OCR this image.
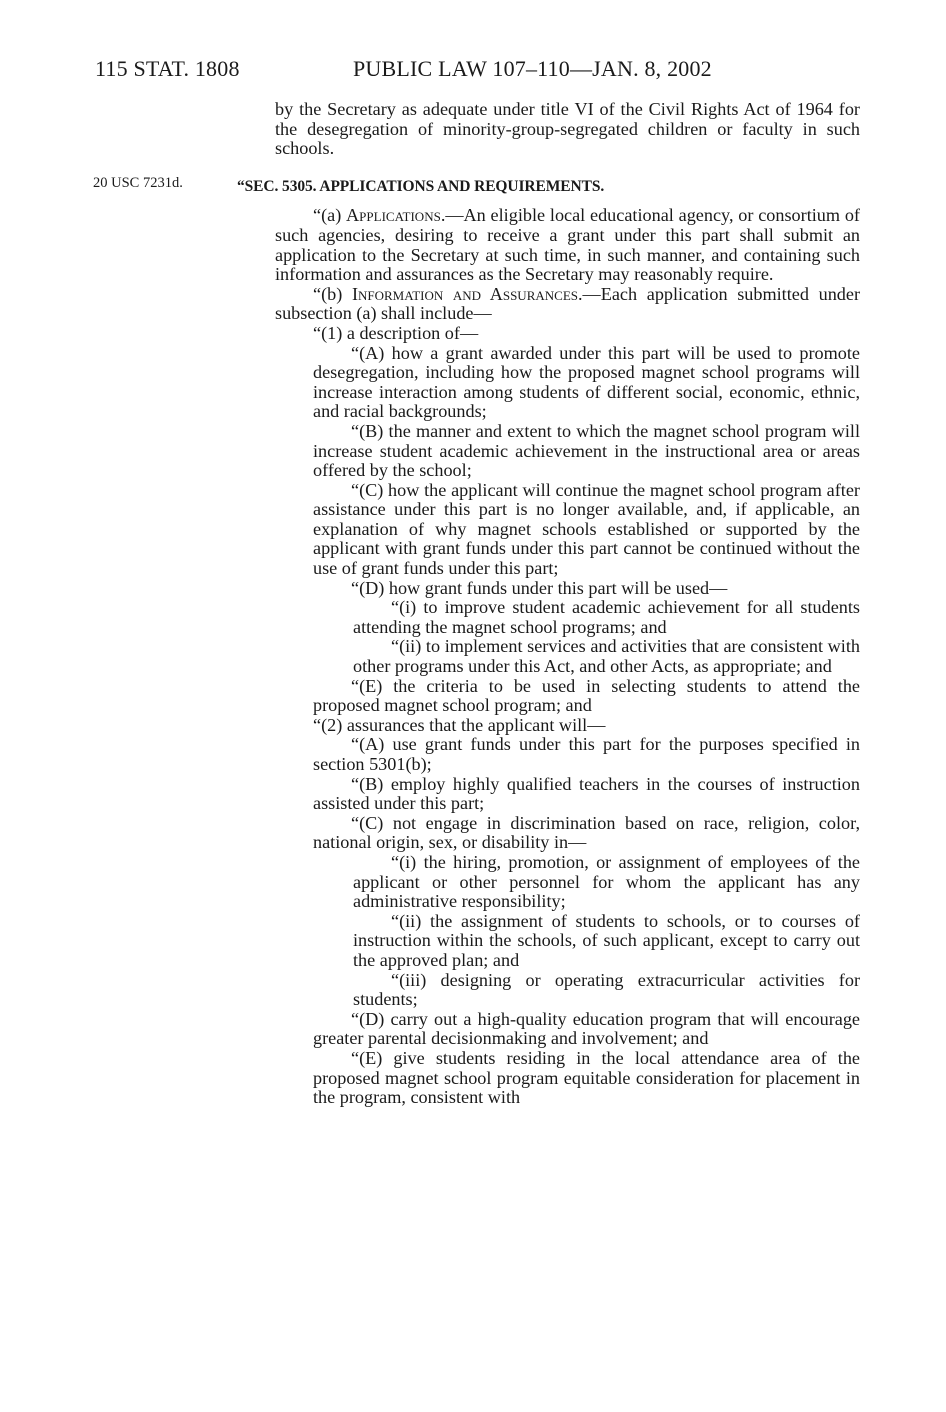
115 STAT. 1808	PUBLIC LAW 107–110—JAN. 8, 2002
20 USC 7231d.

by the Secretary as adequate under title VI of the Civil Rights Act of 1964 for the desegregation of minority-group-segregated children or faculty in such schools.

“SEC. 5305. APPLICATIONS AND REQUIREMENTS.

“(a) Applications.—An eligible local educational agency, or consortium of such agencies, desiring to receive a grant under this part shall submit an application to the Secretary at such time, in such manner, and containing such information and assurances as the Secretary may reasonably require.

“(b) Information and Assurances.—Each application submitted under subsection (a) shall include—

“(1) a description of—

“(A) how a grant awarded under this part will be used to promote desegregation, including how the proposed magnet school programs will increase interaction among students of different social, economic, ethnic, and racial backgrounds;

“(B) the manner and extent to which the magnet school program will increase student academic achievement in the instructional area or areas offered by the school;

“(C) how the applicant will continue the magnet school program after assistance under this part is no longer available, and, if applicable, an explanation of why magnet schools established or supported by the applicant with grant funds under this part cannot be continued without the use of grant funds under this part;

“(D) how grant funds under this part will be used—

“(i) to improve student academic achievement for all students attending the magnet school programs; and

“(ii) to implement services and activities that are consistent with other programs under this Act, and other Acts, as appropriate; and

“(E) the criteria to be used in selecting students to attend the proposed magnet school program; and

“(2) assurances that the applicant will—

“(A) use grant funds under this part for the purposes specified in section 5301(b);

“(B) employ highly qualified teachers in the courses of instruction assisted under this part;

“(C) not engage in discrimination based on race, religion, color, national origin, sex, or disability in—

“(i) the hiring, promotion, or assignment of employees of the applicant or other personnel for whom the applicant has any administrative responsibility;

“(ii) the assignment of students to schools, or to courses of instruction within the schools, of such applicant, except to carry out the approved plan; and

“(iii) designing or operating extracurricular activities for students;

“(D) carry out a high-quality education program that will encourage greater parental decisionmaking and involvement; and

“(E) give students residing in the local attendance area of the proposed magnet school program equitable consideration for placement in the program, consistent with
